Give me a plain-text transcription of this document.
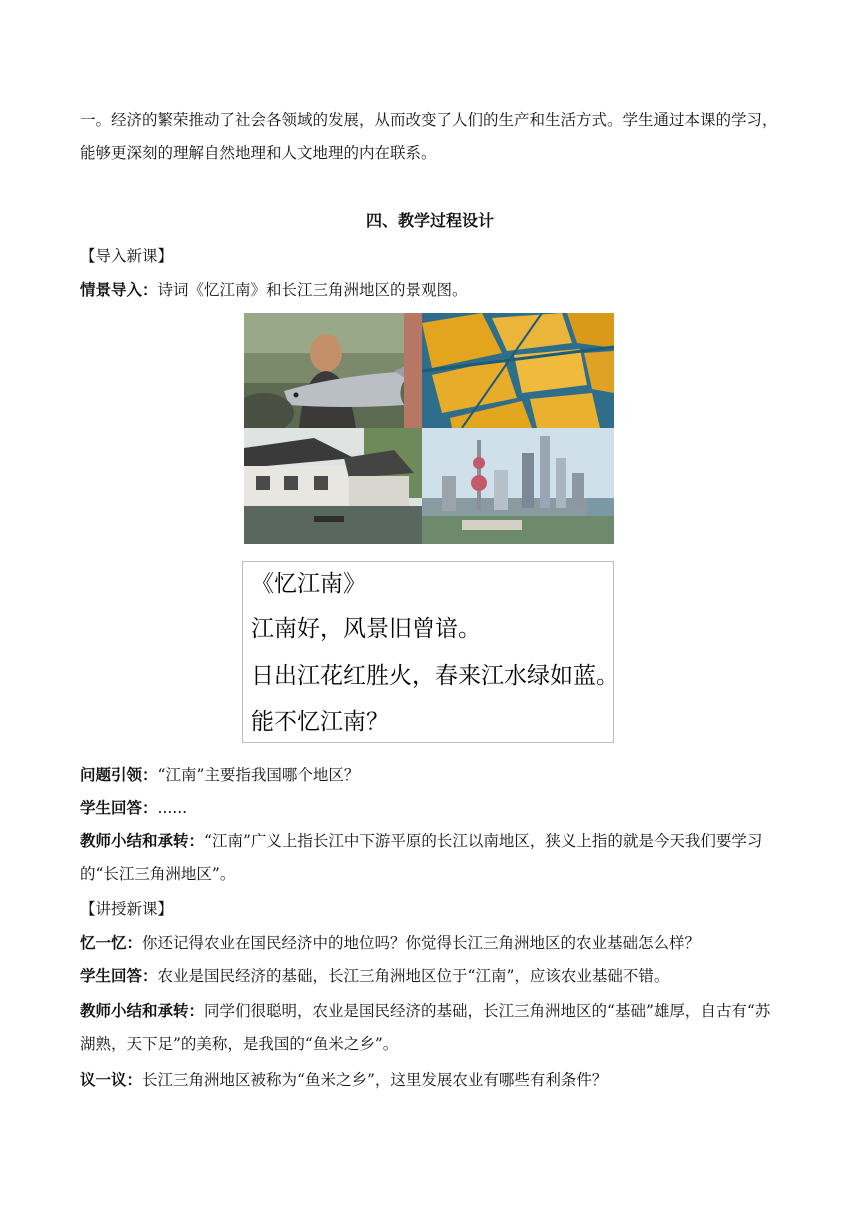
一。经济的繁荣推动了社会各领域的发展，从而改变了人们的生产和生活方式。学生通过本课的学习，能够更深刻的理解自然地理和人文地理的内在联系。

四、教学过程设计

【导入新课】

情景导入：诗词《忆江南》和长江三角洲地区的景观图。

《忆江南》
江南好，风景旧曾谙。
日出江花红胜火，春来江水绿如蓝。
能不忆江南？

问题引领：“江南”主要指我国哪个地区？

学生回答：......

教师小结和承转：“江南”广义上指长江中下游平原的长江以南地区，狭义上指的就是今天我们要学习的“长江三角洲地区”。

【讲授新课】

忆一忆：你还记得农业在国民经济中的地位吗？你觉得长江三角洲地区的农业基础怎么样？

学生回答：农业是国民经济的基础，长江三角洲地区位于“江南”，应该农业基础不错。

教师小结和承转：同学们很聪明，农业是国民经济的基础，长江三角洲地区的“基础”雄厚，自古有“苏湖熟，天下足”的美称，是我国的“鱼米之乡”。

议一议：长江三角洲地区被称为“鱼米之乡”，这里发展农业有哪些有利条件？
